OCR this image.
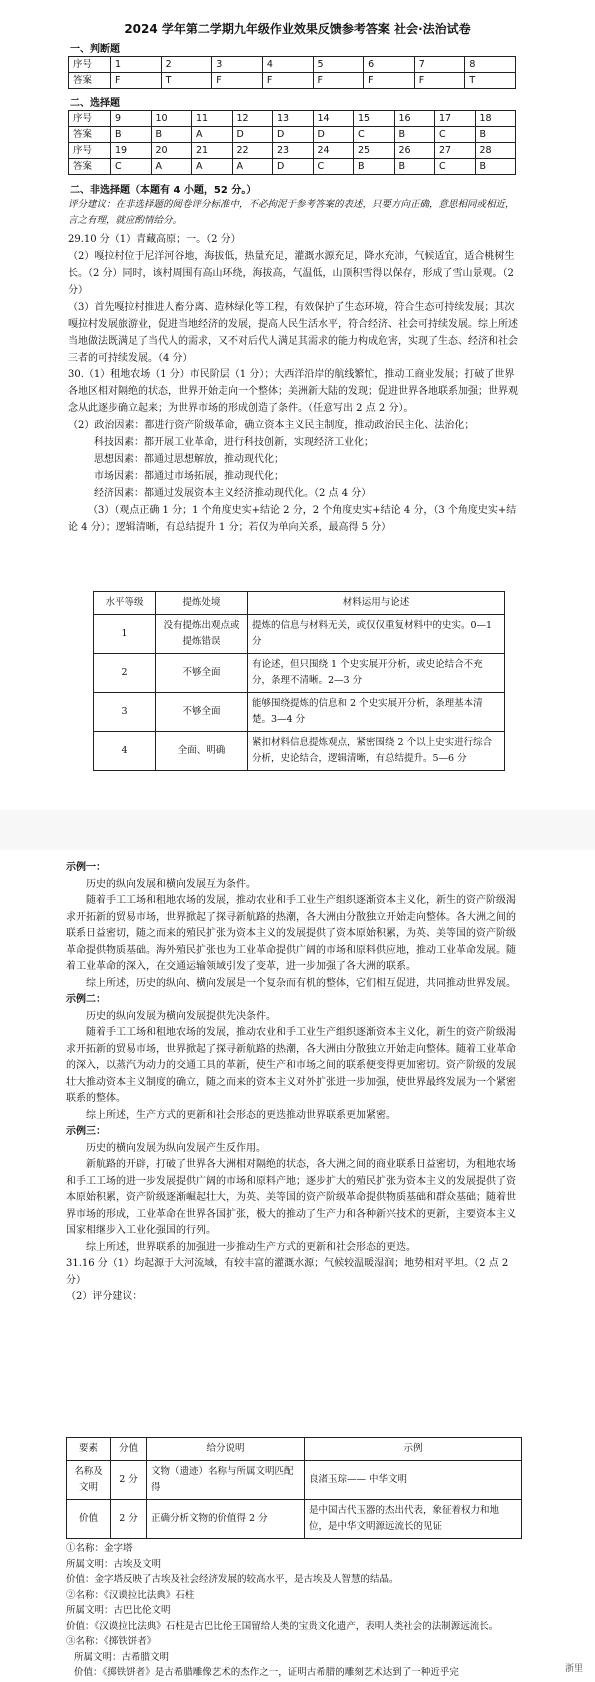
2024 学年第二学期九年级作业效果反馈参考答案 社会·法治试卷
一、判断题
序号	1	2	3	4	5	6	7	8
答案	F	T	F	F	F	F	F	T
二、选择题
序号	9	10	11	12	13	14	15	16	17	18
答案	B	B	A	D	D	D	C	B	C	B
序号	19	20	21	22	23	24	25	26	27	28
答案	C	A	A	A	D	C	B	B	C	B
二、非选择题（本题有 4 小题，52 分。）
评分建议：在非选择题的阅卷评分标准中，不必拘泥于参考答案的表述，只要方向正确，意思相同或相近，言之有理，就应酌情给分。

29.10 分（1）青藏高原；一。（2 分）

（2）嘎拉村位于尼洋河谷地，海拔低，热量充足，灌溉水源充足，降水充沛，气候适宜，适合桃树生长。（2 分）同时，该村周围有高山环绕，海拔高，气温低，山顶积雪得以保存，形成了雪山景观。（2 分）

（3）首先嘎拉村推进人畜分离、造林绿化等工程，有效保护了生态环境，符合生态可持续发展；其次嘎拉村发展旅游业，促进当地经济的发展，提高人民生活水平，符合经济、社会可持续发展。综上所述当地做法既满足了当代人的需求，又不对后代人满足其需求的能力构成危害，实现了生态、经济和社会三者的可持续发展。（4 分）

30.（1）租地农场（1 分）市民阶层（1 分）；大西洋沿岸的航线繁忙，推动工商业发展；打破了世界各地区相对隔绝的状态，世界开始走向一个整体；美洲新大陆的发现；促进世界各地联系加强；世界观念从此逐步确立起来；为世界市场的形成创造了条件。（任意写出 2 点 2 分）。

（2）政治因素：都进行资产阶级革命，确立资本主义民主制度，推动政治民主化、法治化；

科技因素：都开展工业革命，进行科技创新，实现经济工业化；

思想因素：都通过思想解放，推动现代化；

市场因素：都通过市场拓展，推动现代化；

经济因素：都通过发展资本主义经济推动现代化。（2 点 4 分）

（3）（观点正确 1 分；1 个角度史实+结论 2 分，2 个角度史实+结论 4 分，（3 个角度史实+结论 4 分）；逻辑清晰，有总结提升 1 分；若仅为单向关系，最高得 5 分）

水平等级	提炼处境	材料运用与论述
1	没有提炼出观点或提炼错误	提炼的信息与材料无关，或仅仅重复材料中的史实。0—1 分
2	不够全面	有论述，但只围绕 1 个史实展开分析，或史论结合不充分，条理不清晰。2—3 分
3	不够全面	能够围绕提炼的信息和 2 个史实展开分析，条理基本清楚。3—4 分
4	全面、明确	紧扣材料信息提炼观点，紧密围绕 2 个以上史实进行综合分析，史论结合，逻辑清晰，有总结提升。5—6 分

示例一：

历史的纵向发展和横向发展互为条件。

随着手工工场和租地农场的发展，推动农业和手工业生产组织逐渐资本主义化，新生的资产阶级渴求开拓新的贸易市场，世界掀起了探寻新航路的热潮，各大洲由分散独立开始走向整体。各大洲之间的联系日益密切，随之而来的殖民扩张为资本主义的发展提供了资本原始积累，为英、美等国的资产阶级革命提供物质基础。海外殖民扩张也为工业革命提供广阔的市场和原料供应地，推动工业革命发展。随着工业革命的深入，在交通运输领域引发了变革，进一步加强了各大洲的联系。

综上所述，历史的纵向、横向发展是一个复杂而有机的整体，它们相互促进，共同推动世界发展。

示例二：

历史的纵向发展为横向发展提供先决条件。

随着手工工场和租地农场的发展，推动农业和手工业生产组织逐渐资本主义化，新生的资产阶级渴求开拓新的贸易市场，世界掀起了探寻新航路的热潮，各大洲由分散独立开始走向整体。随着工业革命的深入，以蒸汽为动力的交通工具的革新，使生产和市场之间的联系便变得更加密切。资产阶级的发展壮大推动资本主义制度的确立，随之而来的资本主义对外扩张进一步加强，使世界最终发展为一个紧密联系的整体。

综上所述，生产方式的更新和社会形态的更迭推动世界联系更加紧密。

示例三：

历史的横向发展为纵向发展产生反作用。

新航路的开辟，打破了世界各大洲相对隔绝的状态，各大洲之间的商业联系日益密切，为租地农场和手工工场的进一步发展提供广阔的市场和原料产地；逐步扩大的殖民扩张为资本主义的发展提供了资本原始积累，资产阶级逐渐崛起壮大，为英、美等国的资产阶级革命提供物质基础和群众基础；随着世界市场的形成，工业革命在世界各国扩张，极大的推动了生产力和各种新兴技术的更新，主要资本主义国家相继步入工业化强国的行列。

综上所述，世界联系的加强进一步推动生产方式的更新和社会形态的更迭。

31.16 分（1）均起源于大河流域，有较丰富的灌溉水源；气候较温暖湿润；地势相对平坦。（2 点 2 分）

（2）评分建议：

要素	分值	给分说明	示例
名称及文明	2 分	文物（遗迹）名称与所属文明匹配得	良渚玉琮—— 中华文明
价值	2 分	正确分析文物的价值得 2 分	是中国古代玉器的杰出代表，象征着权力和地位，是中华文明源远流长的见证

①名称：金字塔

所属文明：古埃及文明

价值：金字塔反映了古埃及社会经济发展的较高水平，是古埃及人智慧的结晶。

②名称：《汉谟拉比法典》石柱

所属文明：古巴比伦文明

价值：《汉谟拉比法典》石柱是古巴比伦王国留给人类的宝贵文化遗产，表明人类社会的法制源远流长。

③名称：《掷铁饼者》

所属文明：古希腊文明

价值：《掷铁饼者》是古希腊雕像艺术的杰作之一，证明古希腊的雕刻艺术达到了一种近乎完	浙里
